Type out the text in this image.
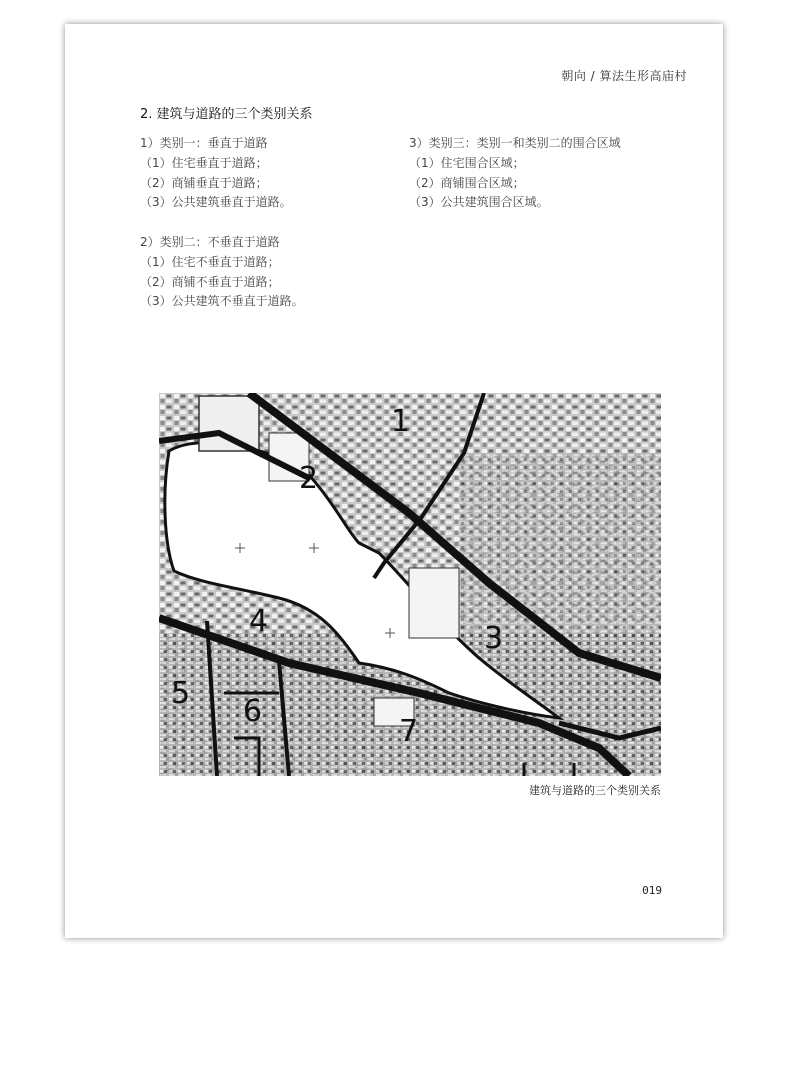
朝向 / 算法生形高庙村
2. 建筑与道路的三个类别关系
1）类别一：垂直于道路
（1）住宅垂直于道路；
（2）商铺垂直于道路；
（3）公共建筑垂直于道路。
2）类别二：不垂直于道路
（1）住宅不垂直于道路；
（2）商铺不垂直于道路；
（3）公共建筑不垂直于道路。
3）类别三：类别一和类别二的围合区域
（1）住宅围合区域；
（2）商铺围合区域；
（3）公共建筑围合区域。
1
2
3
4
5
6
7
建筑与道路的三个类别关系
019
